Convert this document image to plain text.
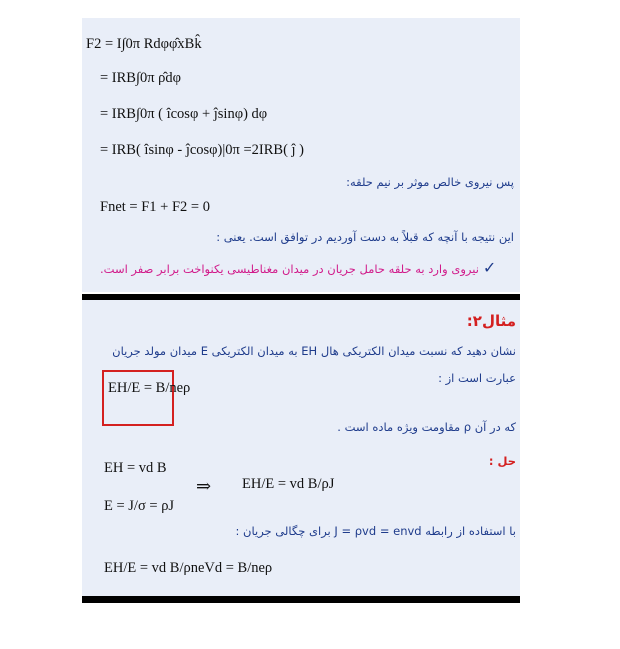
F2 = I∫0π Rdφφ̂xBk̂
= IRB∫0π ρ̂dφ
= IRB∫0π ( îcosφ + ĵsinφ) dφ
= IRB( îsinφ - ĵcosφ)|0π =2IRB( ĵ )
پس نیروی خالص موثر بر نیم حلقه:
Fnet = F1 + F2 = 0
این نتیجه با آنچه که قبلاً به دست آوردیم در توافق است. یعنی :
نیروی وارد به حلقه حامل جریان در میدان مغناطیسی یکنواخت برابر صفر است. ✓
مثال۲:
نشان دهید که نسبت میدان الکتریکی هال EH به میدان الکتریکی E میدان مولد جریان
عبارت است از :
EH/E = B/neρ
که در آن ρ مقاومت ویژه ماده است .
حل :
EH = vd B
E = J/σ = ρJ
⇒ EH/E = vd B/ρJ
با استفاده از رابطه J = ρvd = envd برای چگالی جریان :
EH/E = vd B/ρneVd = B/neρ
